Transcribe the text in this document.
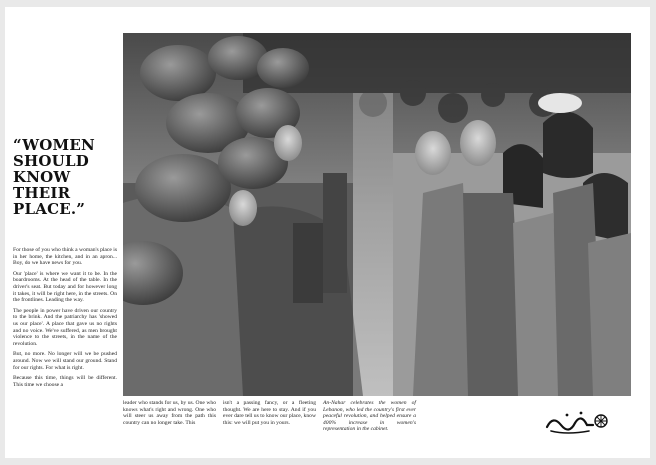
“WOMEN
SHOULD
KNOW
THEIR
PLACE.”

For those of you who think a woman's place is in her home, the kitchen, and in an apron... Boy, do we have news for you.

Our 'place' is where we want it to be. In the boardrooms. At the head of the table. In the driver's seat. But today and for however long it takes, it will be right here, in the streets. On the frontlines. Leading the way.

The people in power have driven our country to the brink. And the patriarchy has 'showed us our place'. A place that gave us no rights and no voice. We've suffered, as men brought violence to the streets, in the name of the revolution.

But, no more. No longer will we be pushed around. Now we will stand our ground. Stand for our rights. For what is right.

Because this time, things will be different. This time we choose a

leader who stands for us, by us. One who knows what's right and wrong. One who will steer us away from the path this country can no longer take. This

isn't a passing fancy, or a fleeting thought. We are here to stay. And if you ever dare tell us to know our place, know this: we will put you in yours.

An-Nahar celebrates the women of Lebanon, who led the country's first ever peaceful revolution, and helped ensure a 400% increase in women's representation in the cabinet.
